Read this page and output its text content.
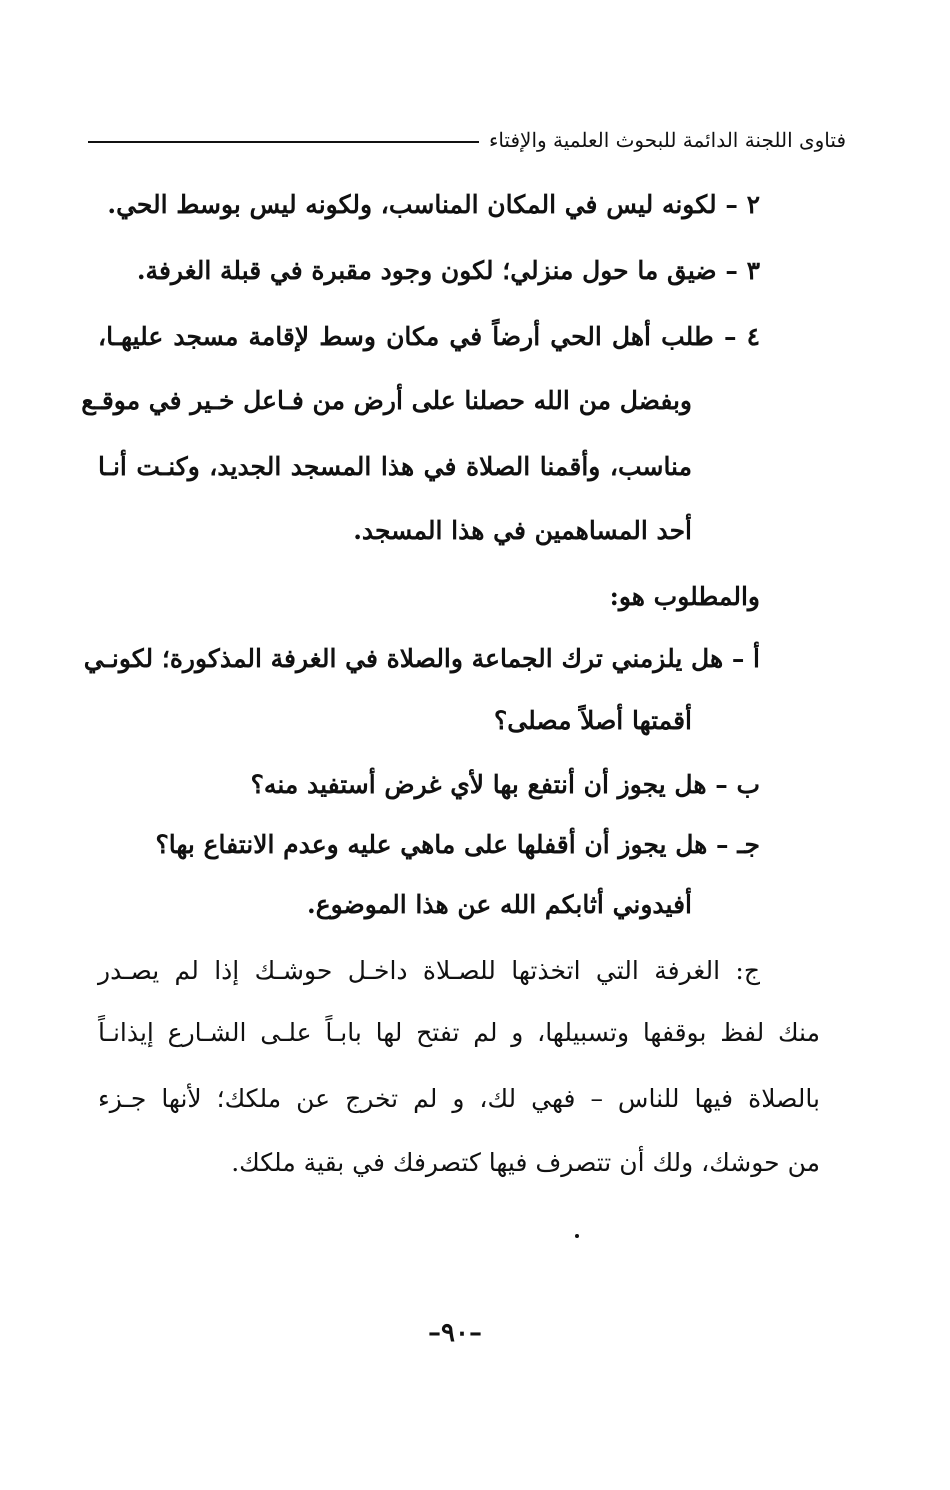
فتاوى اللجنة الدائمة للبحوث العلمية والإفتاء
٢ – لكونه ليس في المكان المناسب، ولكونه ليس بوسط الحي.
٣ – ضيق ما حول منزلي؛ لكون وجود مقبرة في قبلة الغرفة.
٤ – طلب أهل الحي أرضاً في مكان وسط لإقامة مسجد عليهـا،
وبفضل من الله حصلنا على أرض من فـاعل خـير في موقـع
مناسب، وأقمنا الصلاة في هذا المسجد الجديد، وكنـت أنـا
أحد المساهمين في هذا المسجد.
والمطلوب هو:
أ – هل يلزمني ترك الجماعة والصلاة في الغرفة المذكورة؛ لكونـي
أقمتها أصلاً مصلى؟
ب – هل يجوز أن أنتفع بها لأي غرض أستفيد منه؟
جـ – هل يجوز أن أقفلها على ماهي عليه وعدم الانتفاع بها؟
أفيدوني أثابكم الله عن هذا الموضوع.
ج: الغرفة التي اتخذتها للصـلاة داخـل حوشـك إذا لم يصـدر
منك لفظ بوقفها وتسبيلها، و لم تفتح لها بابـاً علـى الشـارع إيذانـاً
بالصلاة فيها للناس – فهي لك، و لم تخرج عن ملكك؛ لأنها جـزء
من حوشك، ولك أن تتصرف فيها كتصرفك في بقية ملكك.
–٩٠–
